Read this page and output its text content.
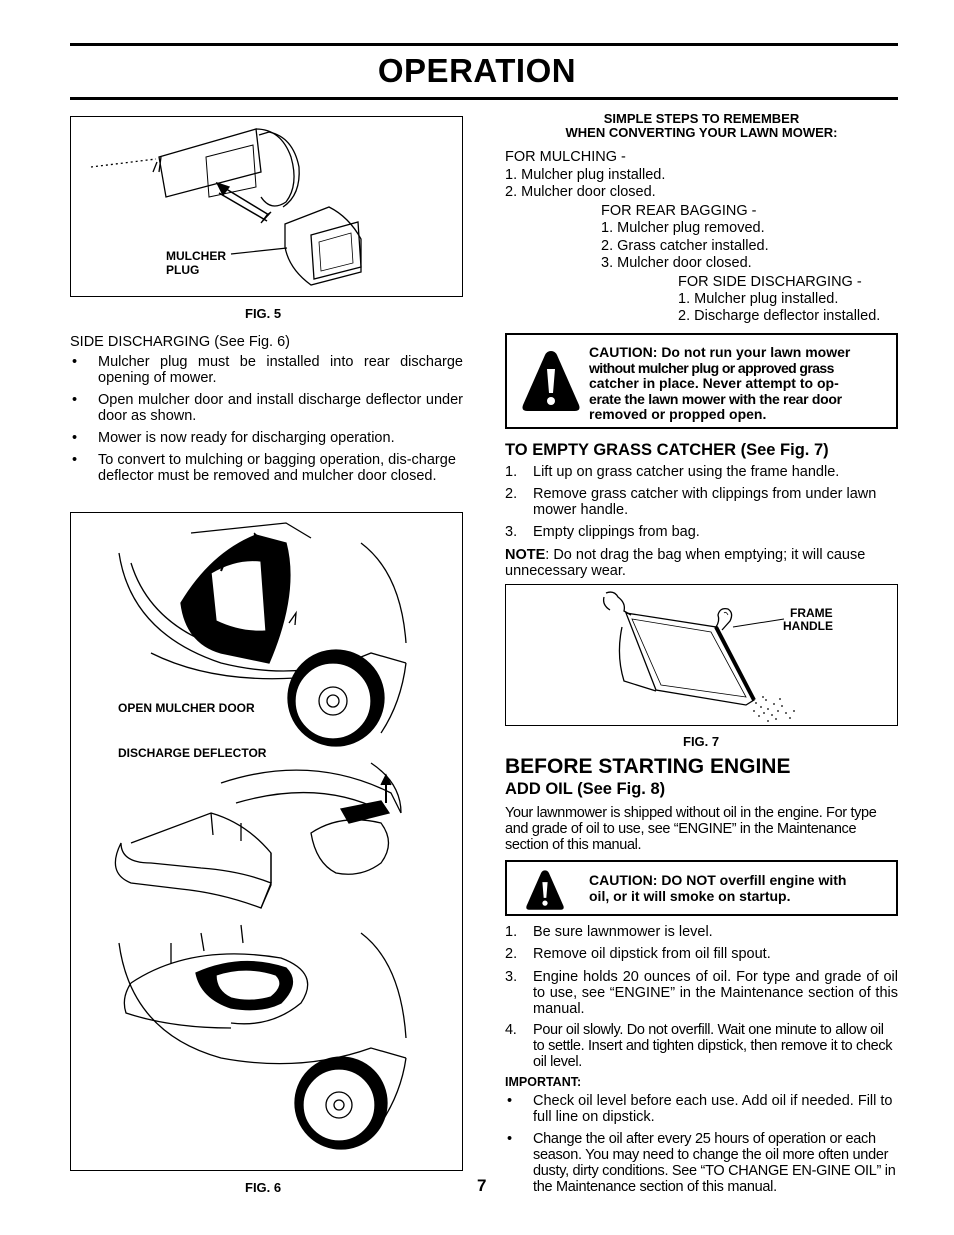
OPERATION
MULCHER
PLUG
FIG. 5
SIDE DISCHARGING (See Fig. 6)
• Mulcher plug must be installed into rear discharge opening of mower.
• Open mulcher door and install discharge deflector under door as shown.
• Mower is now ready for discharging operation.
• To convert to mulching or bagging operation, dis-charge deflector must be removed and mulcher door closed.
OPEN MULCHER DOOR
DISCHARGE DEFLECTOR
FIG. 6
SIMPLE STEPS TO REMEMBER
WHEN CONVERTING YOUR LAWN MOWER:
FOR MULCHING -
1. Mulcher plug installed.
2. Mulcher door closed.
FOR REAR BAGGING -
1. Mulcher plug removed.
2. Grass catcher installed.
3. Mulcher door closed.
FOR SIDE DISCHARGING -
1. Mulcher plug installed.
2. Discharge deflector installed.
CAUTION: Do not run your lawn mower
without mulcher plug or approved grass
catcher in place. Never attempt to op-
erate the lawn mower with the rear door
removed or propped open.
TO EMPTY GRASS CATCHER (See Fig. 7)
1. Lift up on grass catcher using the frame handle.
2. Remove grass catcher with clippings from under lawn mower handle.
3. Empty clippings from bag.
NOTE: Do not drag the bag when emptying; it will cause unnecessary wear.
FRAME
HANDLE
FIG. 7
BEFORE STARTING ENGINE
ADD OIL (See Fig. 8)
Your lawnmower is shipped without oil in the engine. For type and grade of oil to use, see “ENGINE” in the Maintenance section of this manual.
CAUTION: DO NOT overfill engine with
oil, or it will smoke on startup.
1. Be sure lawnmower is level.
2. Remove oil dipstick from oil fill spout.
3. Engine holds 20 ounces of oil. For type and grade of oil to use, see “ENGINE” in the Maintenance section of this manual.
4. Pour oil slowly. Do not overfill. Wait one minute to allow oil to settle. Insert and tighten dipstick, then remove it to check oil level.
IMPORTANT:
• Check oil level before each use. Add oil if needed. Fill to full line on dipstick.
• Change the oil after every 25 hours of operation or each season. You may need to change the oil more often under dusty, dirty conditions. See “TO CHANGE EN-GINE OIL” in the Maintenance section of this manual.
7
